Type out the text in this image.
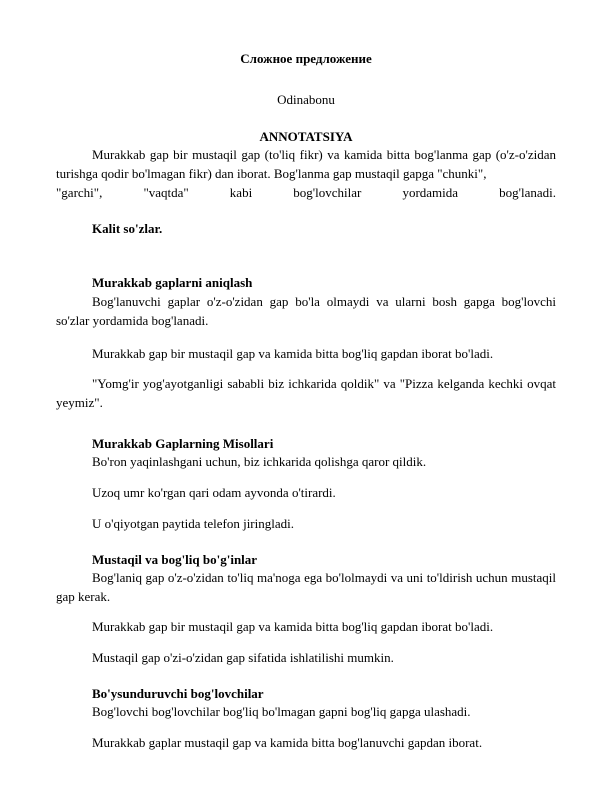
Сложное предложение
Odinabonu
ANNOTATSIYA
Murakkab gap bir mustaqil gap (to'liq fikr) va kamida bitta bog'lanma gap (o'z-o'zidan turishga qodir bo'lmagan fikr) dan iborat. Bog'lanma gap mustaqil gapga "chunki",
"garchi", "vaqtda" kabi bog'lovchilar yordamida bog'lanadi.
Kalit so'zlar.
Murakkab gaplarni aniqlash
Bog'lanuvchi gaplar o'z-o'zidan gap bo'la olmaydi va ularni bosh gapga bog'lovchi so'zlar yordamida bog'lanadi.
Murakkab gap bir mustaqil gap va kamida bitta bog'liq gapdan iborat bo'ladi.
"Yomg'ir yog'ayotganligi sababli biz ichkarida qoldik" va "Pizza kelganda kechki ovqat yeymiz".
Murakkab Gaplarning Misollari
Bo'ron yaqinlashgani uchun, biz ichkarida qolishga qaror qildik.
Uzoq umr ko'rgan qari odam ayvonda o'tirardi.
U o'qiyotgan paytida telefon jiringladi.
Mustaqil va bog'liq bo'g'inlar
Bog'laniq gap o'z-o'zidan to'liq ma'noga ega bo'lolmaydi va uni to'ldirish uchun mustaqil gap kerak.
Murakkab gap bir mustaqil gap va kamida bitta bog'liq gapdan iborat bo'ladi.
Mustaqil gap o'zi-o'zidan gap sifatida ishlatilishi mumkin.
Bo'ysunduruvchi bog'lovchilar
Bog'lovchi bog'lovchilar bog'liq bo'lmagan gapni bog'liq gapga ulashadi.
Murakkab gaplar mustaqil gap va kamida bitta bog'lanuvchi gapdan iborat.
